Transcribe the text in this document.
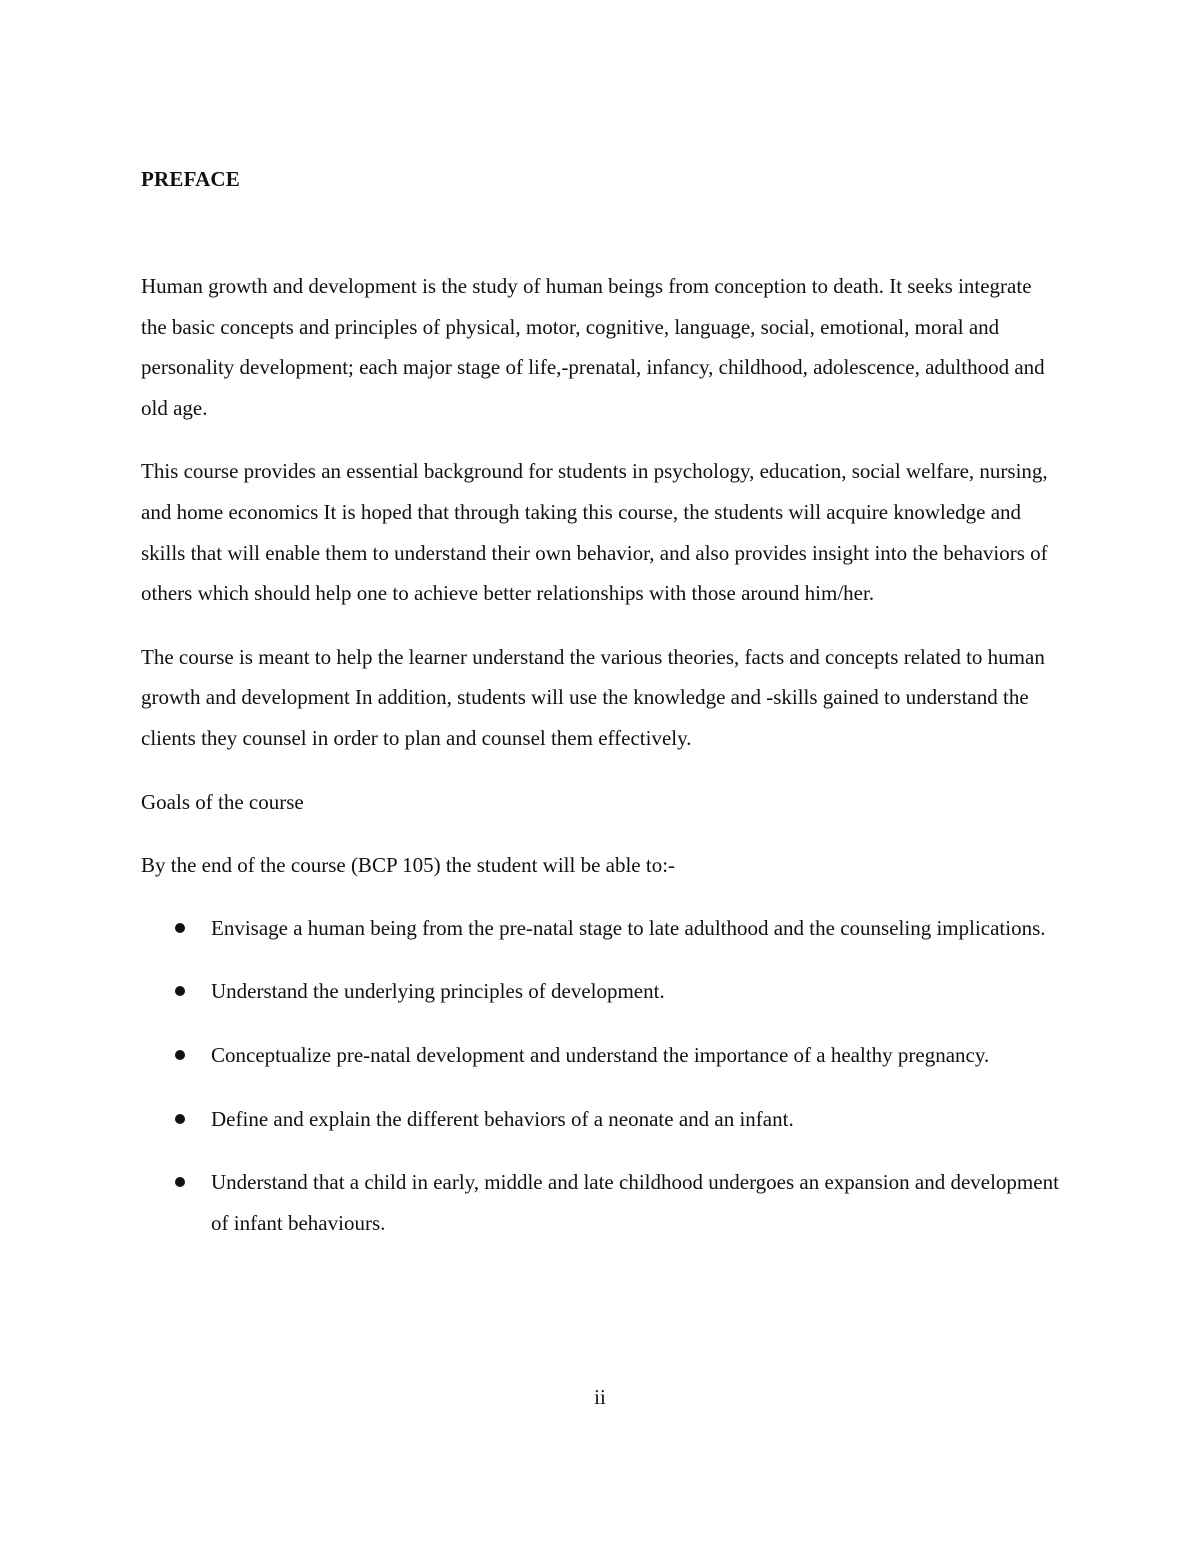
PREFACE

Human growth and development is the study of human beings from conception to death. It seeks integrate the basic concepts and principles of physical, motor, cognitive, language, social, emotional, moral and personality development; each major stage of life,-prenatal, infancy, childhood, adolescence, adulthood and old age.

This course provides an essential background for students in psychology, education, social welfare, nursing, and home economics It is hoped that through taking this course, the students will acquire knowledge and skills that will enable them to understand their own behavior, and also provides insight into the behaviors of others which should help one to achieve better relationships with those around him/her.

The course is meant to help the learner understand the various theories, facts and concepts related to human growth and development In addition, students will use the knowledge and -skills gained to understand the clients they counsel in order to plan and counsel them effectively.

Goals of the course

By the end of the course (BCP 105) the student will be able to:-

Envisage a human being from the pre-natal stage to late adulthood and the counseling implications.
Understand the underlying principles of development.
Conceptualize pre-natal development and understand the importance of a healthy pregnancy.
Define and explain the different behaviors of a neonate and an infant.
Understand that a child in early, middle and late childhood undergoes an expansion and development of infant behaviours.
ii
